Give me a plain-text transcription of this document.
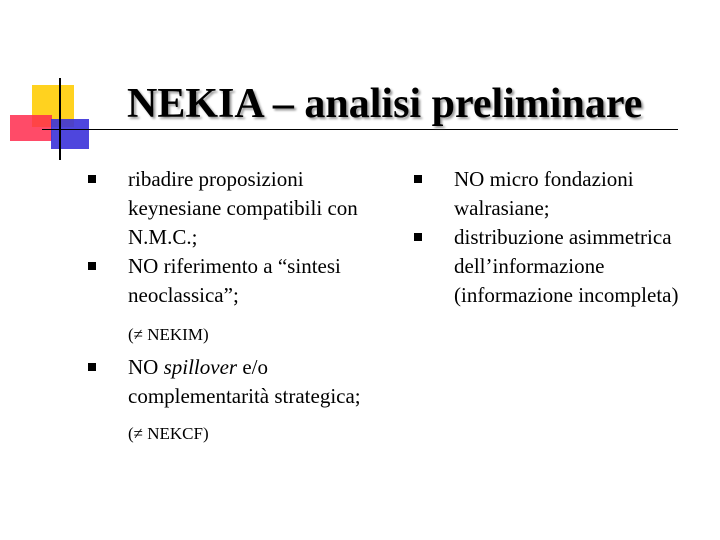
NEKIA – analisi preliminare
ribadire proposizioni keynesiane compatibili con N.M.C.;
NO riferimento a “sintesi neoclassica”;
(≠ NEKIM)
NO spillover e/o complementarità strategica;
(≠ NEKCF)
NO micro fondazioni walrasiane;
distribuzione asimmetrica dell’informazione (informazione incompleta)
